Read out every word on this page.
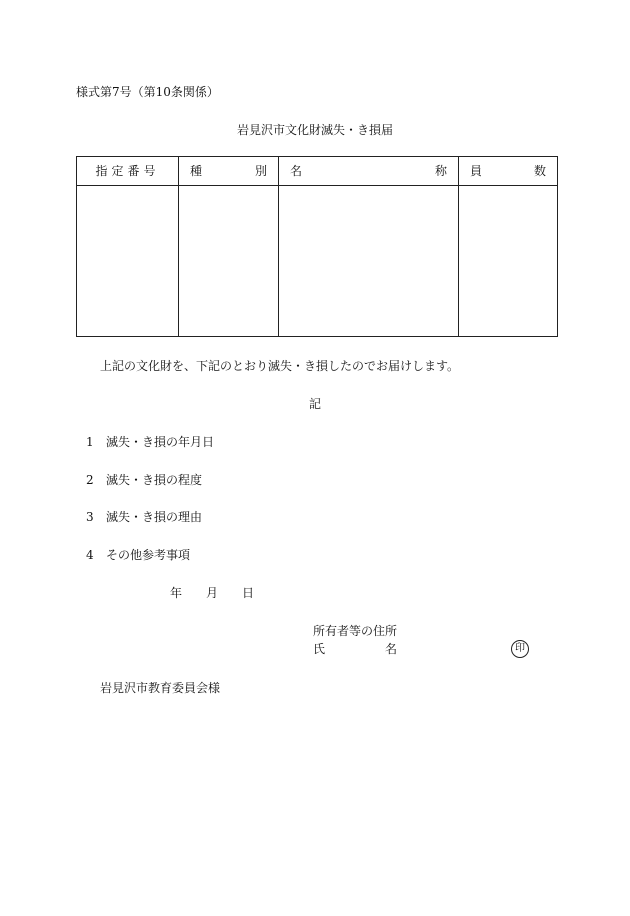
様式第7号（第10条関係）
岩見沢市文化財滅失・き損届
指定番号	種 別	名 称	員 数

上記の文化財を、下記のとおり滅失・き損したのでお届けします。
記
1 滅失・き損の年月日
2 滅失・き損の程度
3 滅失・き損の理由
4 その他参考事項
年 月 日
所有者等の住所
氏	名	印
岩見沢市教育委員会様
